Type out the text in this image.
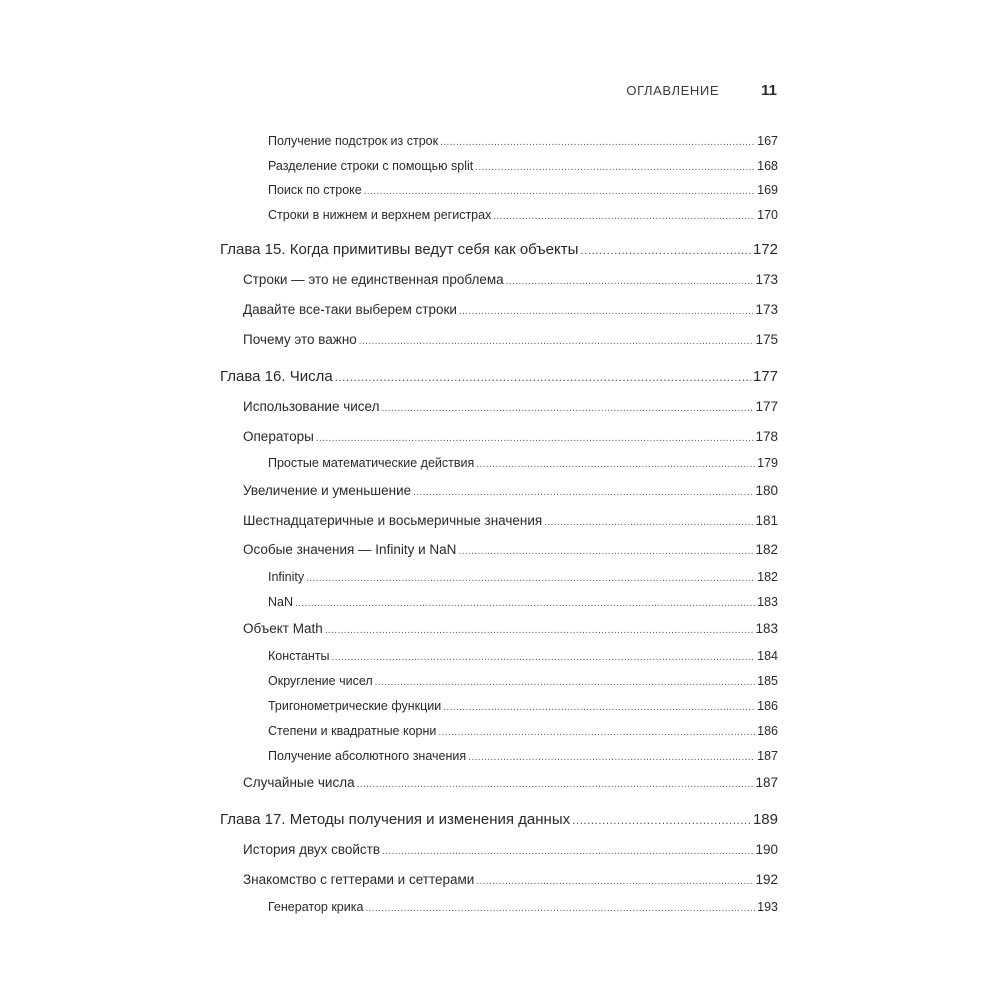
ОГЛАВЛЕНИЕ	11
Получение подстрок из строк .....	167
Разделение строки с помощью split .....	168
Поиск по строке .....	169
Строки в нижнем и верхнем регистрах .....	170
Глава 15. Когда примитивы ведут себя как объекты .....	172
Строки — это не единственная проблема .....	173
Давайте все-таки выберем строки .....	173
Почему это важно .....	175
Глава 16. Числа .....	177
Использование чисел .....	177
Операторы .....	178
Простые математические действия .....	179
Увеличение и уменьшение .....	180
Шестнадцатеричные и восьмеричные значения .....	181
Особые значения — Infinity и NaN .....	182
Infinity .....	182
NaN .....	183
Объект Math .....	183
Константы .....	184
Округление чисел .....	185
Тригонометрические функции .....	186
Степени и квадратные корни .....	186
Получение абсолютного значения .....	187
Случайные числа .....	187
Глава 17. Методы получения и изменения данных .....	189
История двух свойств .....	190
Знакомство с геттерами и сеттерами .....	192
Генератор крика .....	193
